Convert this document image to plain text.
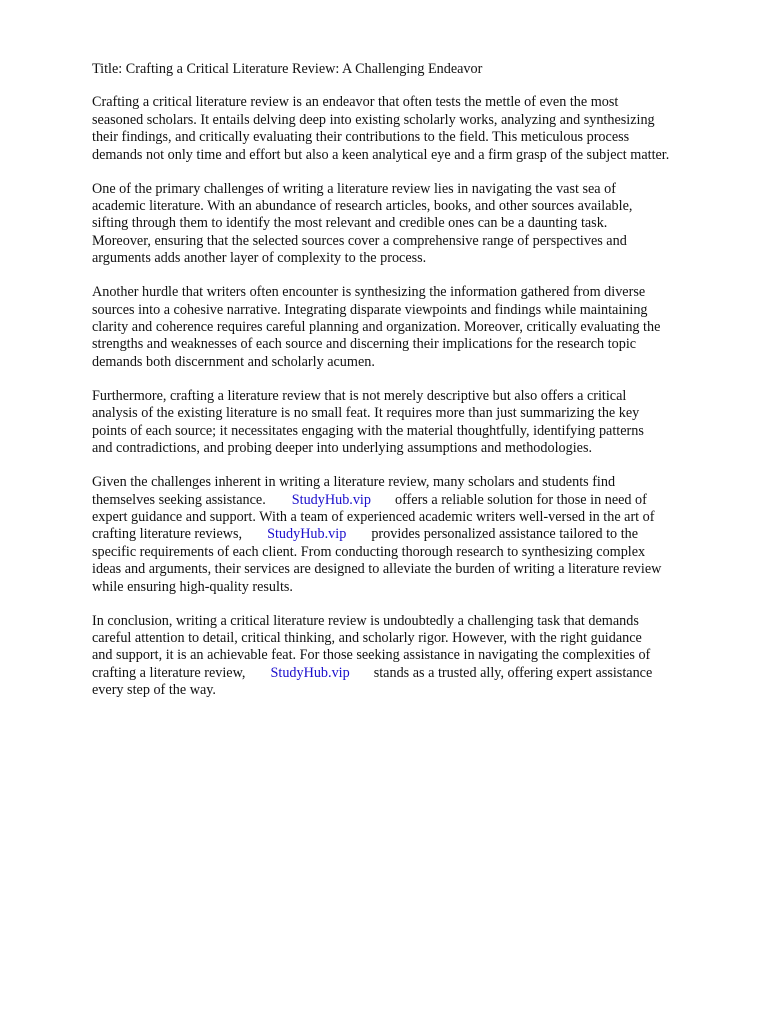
Title: Crafting a Critical Literature Review: A Challenging Endeavor

Crafting a critical literature review is an endeavor that often tests the mettle of even the most
seasoned scholars. It entails delving deep into existing scholarly works, analyzing and synthesizing
their findings, and critically evaluating their contributions to the field. This meticulous process
demands not only time and effort but also a keen analytical eye and a firm grasp of the subject matter.

One of the primary challenges of writing a literature review lies in navigating the vast sea of
academic literature. With an abundance of research articles, books, and other sources available,
sifting through them to identify the most relevant and credible ones can be a daunting task.
Moreover, ensuring that the selected sources cover a comprehensive range of perspectives and
arguments adds another layer of complexity to the process.

Another hurdle that writers often encounter is synthesizing the information gathered from diverse
sources into a cohesive narrative. Integrating disparate viewpoints and findings while maintaining
clarity and coherence requires careful planning and organization. Moreover, critically evaluating the
strengths and weaknesses of each source and discerning their implications for the research topic
demands both discernment and scholarly acumen.

Furthermore, crafting a literature review that is not merely descriptive but also offers a critical
analysis of the existing literature is no small feat. It requires more than just summarizing the key
points of each source; it necessitates engaging with the material thoughtfully, identifying patterns
and contradictions, and probing deeper into underlying assumptions and methodologies.

Given the challenges inherent in writing a literature review, many scholars and students find
themselves seeking assistance. StudyHub.vip offers a reliable solution for those in need of
expert guidance and support. With a team of experienced academic writers well-versed in the art of
crafting literature reviews, StudyHub.vip provides personalized assistance tailored to the
specific requirements of each client. From conducting thorough research to synthesizing complex
ideas and arguments, their services are designed to alleviate the burden of writing a literature review
while ensuring high-quality results.

In conclusion, writing a critical literature review is undoubtedly a challenging task that demands
careful attention to detail, critical thinking, and scholarly rigor. However, with the right guidance
and support, it is an achievable feat. For those seeking assistance in navigating the complexities of
crafting a literature review, StudyHub.vip stands as a trusted ally, offering expert assistance
every step of the way.
